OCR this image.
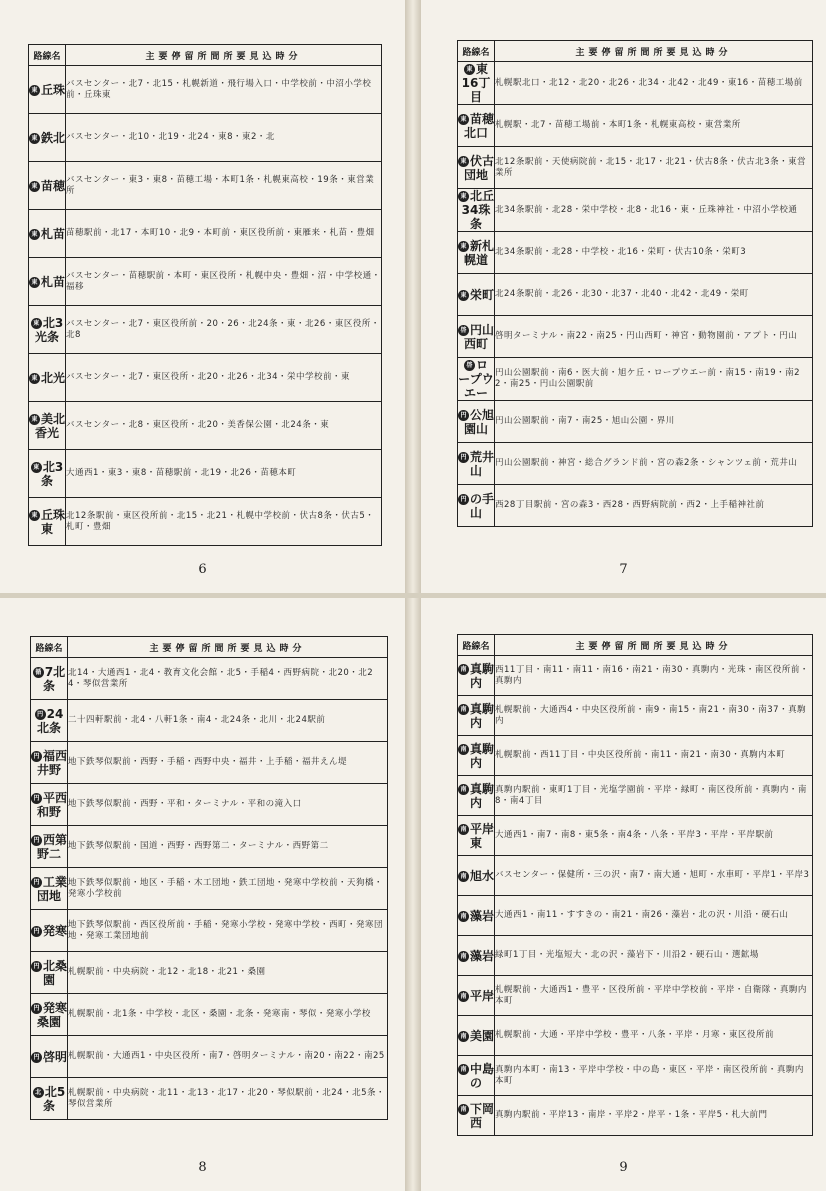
路線名	主要停留所間所要見込時分
東 丘珠	バスセンター・北7・北15・札幌新道・飛行場入口・中学校前・中沼小学校前・丘珠東
東 鉄北	バスセンター・北10・北19・北24・東8・東2・北
東 苗穂	バスセンター・東3・東8・苗穂工場・本町1条・札幌東高校・19条・東営業所
東 札苗	苗穂駅前・北17・本町10・北9・本町前・東区役所前・東雁来・札苗・豊畑
東 札苗	バスセンター・苗穂駅前・本町・東区役所・札幌中央・豊畑・沼・中学校通・福移
東 北3光条	バスセンター・北7・東区役所前・20・26・北24条・東・北26・東区役所・北8
東 北光	バスセンター・北7・東区役所・北20・北26・北34・栄中学校前・東
東 美北香光	バスセンター・北8・東区役所・北20・美香保公園・北24条・東
東 北3条	大通西1・東3・東8・苗穂駅前・北19・北26・苗穂本町
東 丘珠東	北12条駅前・東区役所前・北15・北21・札幌中学校前・伏古8条・伏古5・札町・豊畑
6
路線名	主要停留所間所要見込時分
東 東16丁目	札幌駅北口・北12・北20・北26・北34・北42・北49・東16・苗穂工場前
東 苗穂北口	札幌駅・北7・苗穂工場前・本町1条・札幌東高校・東営業所
東 伏古団地	北12条駅前・天使病院前・北15・北17・北21・伏古8条・伏古北3条・東営業所
東 北丘34珠条	北34条駅前・北28・栄中学校・北8・北16・東・丘珠神社・中沼小学校通
東 新札幌道	北34条駅前・北28・中学校・北16・栄町・伏古10条・栄町3
東 栄町	北24条駅前・北26・北30・北37・北40・北42・北49・栄町
啓 円山西町	啓明ターミナル・南22・南25・円山西町・神宮・動物園前・アプト・円山
啓 ロープウエー	円山公園駅前・南6・医大前・旭ケ丘・ロープウエー前・南15・南19・南22・南25・円山公園駅前
円 公旭園山	円山公園駅前・南7・南25・旭山公園・界川
円 荒井山	円山公園駅前・神宮・総合グランド前・宮の森2条・シャンツェ前・荒井山
円 の手山	西28丁目駅前・宮の森3・西28・西野病院前・西2・上手稲神社前
7
路線名	主要停留所間所要見込時分
循 7北条	北14・大通西1・北4・教育文化会館・北5・手稲4・西野病院・北20・北24・琴似営業所
円 24北条	二十四軒駅前・北4・八軒1条・南4・北24条・北川・北24駅前
円 福西井野	地下鉄琴似駅前・西野・手稲・西野中央・福井・上手稲・福井えん堤
円 平西和野	地下鉄琴似駅前・西野・平和・ターミナル・平和の滝入口
円 西第野二	地下鉄琴似駅前・国道・西野・西野第二・ターミナル・西野第二
円 工業団地	地下鉄琴似駅前・地区・手稲・木工団地・鉄工団地・発寒中学校前・天狗橋・発寒小学校前
円 発寒	地下鉄琴似駅前・西区役所前・手稲・発寒小学校・発寒中学校・西町・発寒団地・発寒工業団地前
円 北桑園	札幌駅前・中央病院・北12・北18・北21・桑園
円 発寒桑園	札幌駅前・北1条・中学校・北区・桑園・北条・発寒南・琴似・発寒小学校
円 啓明	札幌駅前・大通西1・中央区役所・南7・啓明ターミナル・南20・南22・南25
北 北5条	札幌駅前・中央病院・北11・北13・北17・北20・琴似駅前・北24・北5条・琴似営業所
8
路線名	主要停留所間所要見込時分
南 真駒内	西11丁目・南11・南11・南16・南21・南30・真駒内・光珠・南区役所前・真駒内
南 真駒内	札幌駅前・大通西4・中央区役所前・南9・南15・南21・南30・南37・真駒内
南 真駒内	札幌駅前・西11丁目・中央区役所前・南11・南21・南30・真駒内本町
南 真駒内	真駒内駅前・東町1丁目・光塩学園前・平岸・緑町・南区役所前・真駒内・南8・南4丁目
南 平岸東	大通西1・南7・南8・東5条・南4条・八条・平岸3・平岸・平岸駅前
南 旭水	バスセンター・保健所・三の沢・南7・南大通・旭町・水車町・平岸1・平岸3
南 藻岩	大通西1・南11・すすきの・南21・南26・藻岩・北の沢・川沿・硬石山
南 藻岩	緑町1丁目・光塩短大・北の沢・藻岩下・川沿2・硬石山・選鉱場
南 平岸	札幌駅前・大通西1・豊平・区役所前・平岸中学校前・平岸・自衛隊・真駒内本町
南 美園	札幌駅前・大通・平岸中学校・豊平・八条・平岸・月寒・東区役所前
南 中島の	真駒内本町・南13・平岸中学校・中の島・東区・平岸・南区役所前・真駒内本町
南 下岡西	真駒内駅前・平岸13・南岸・平岸2・岸平・1条・平岸5・札大前門
9
